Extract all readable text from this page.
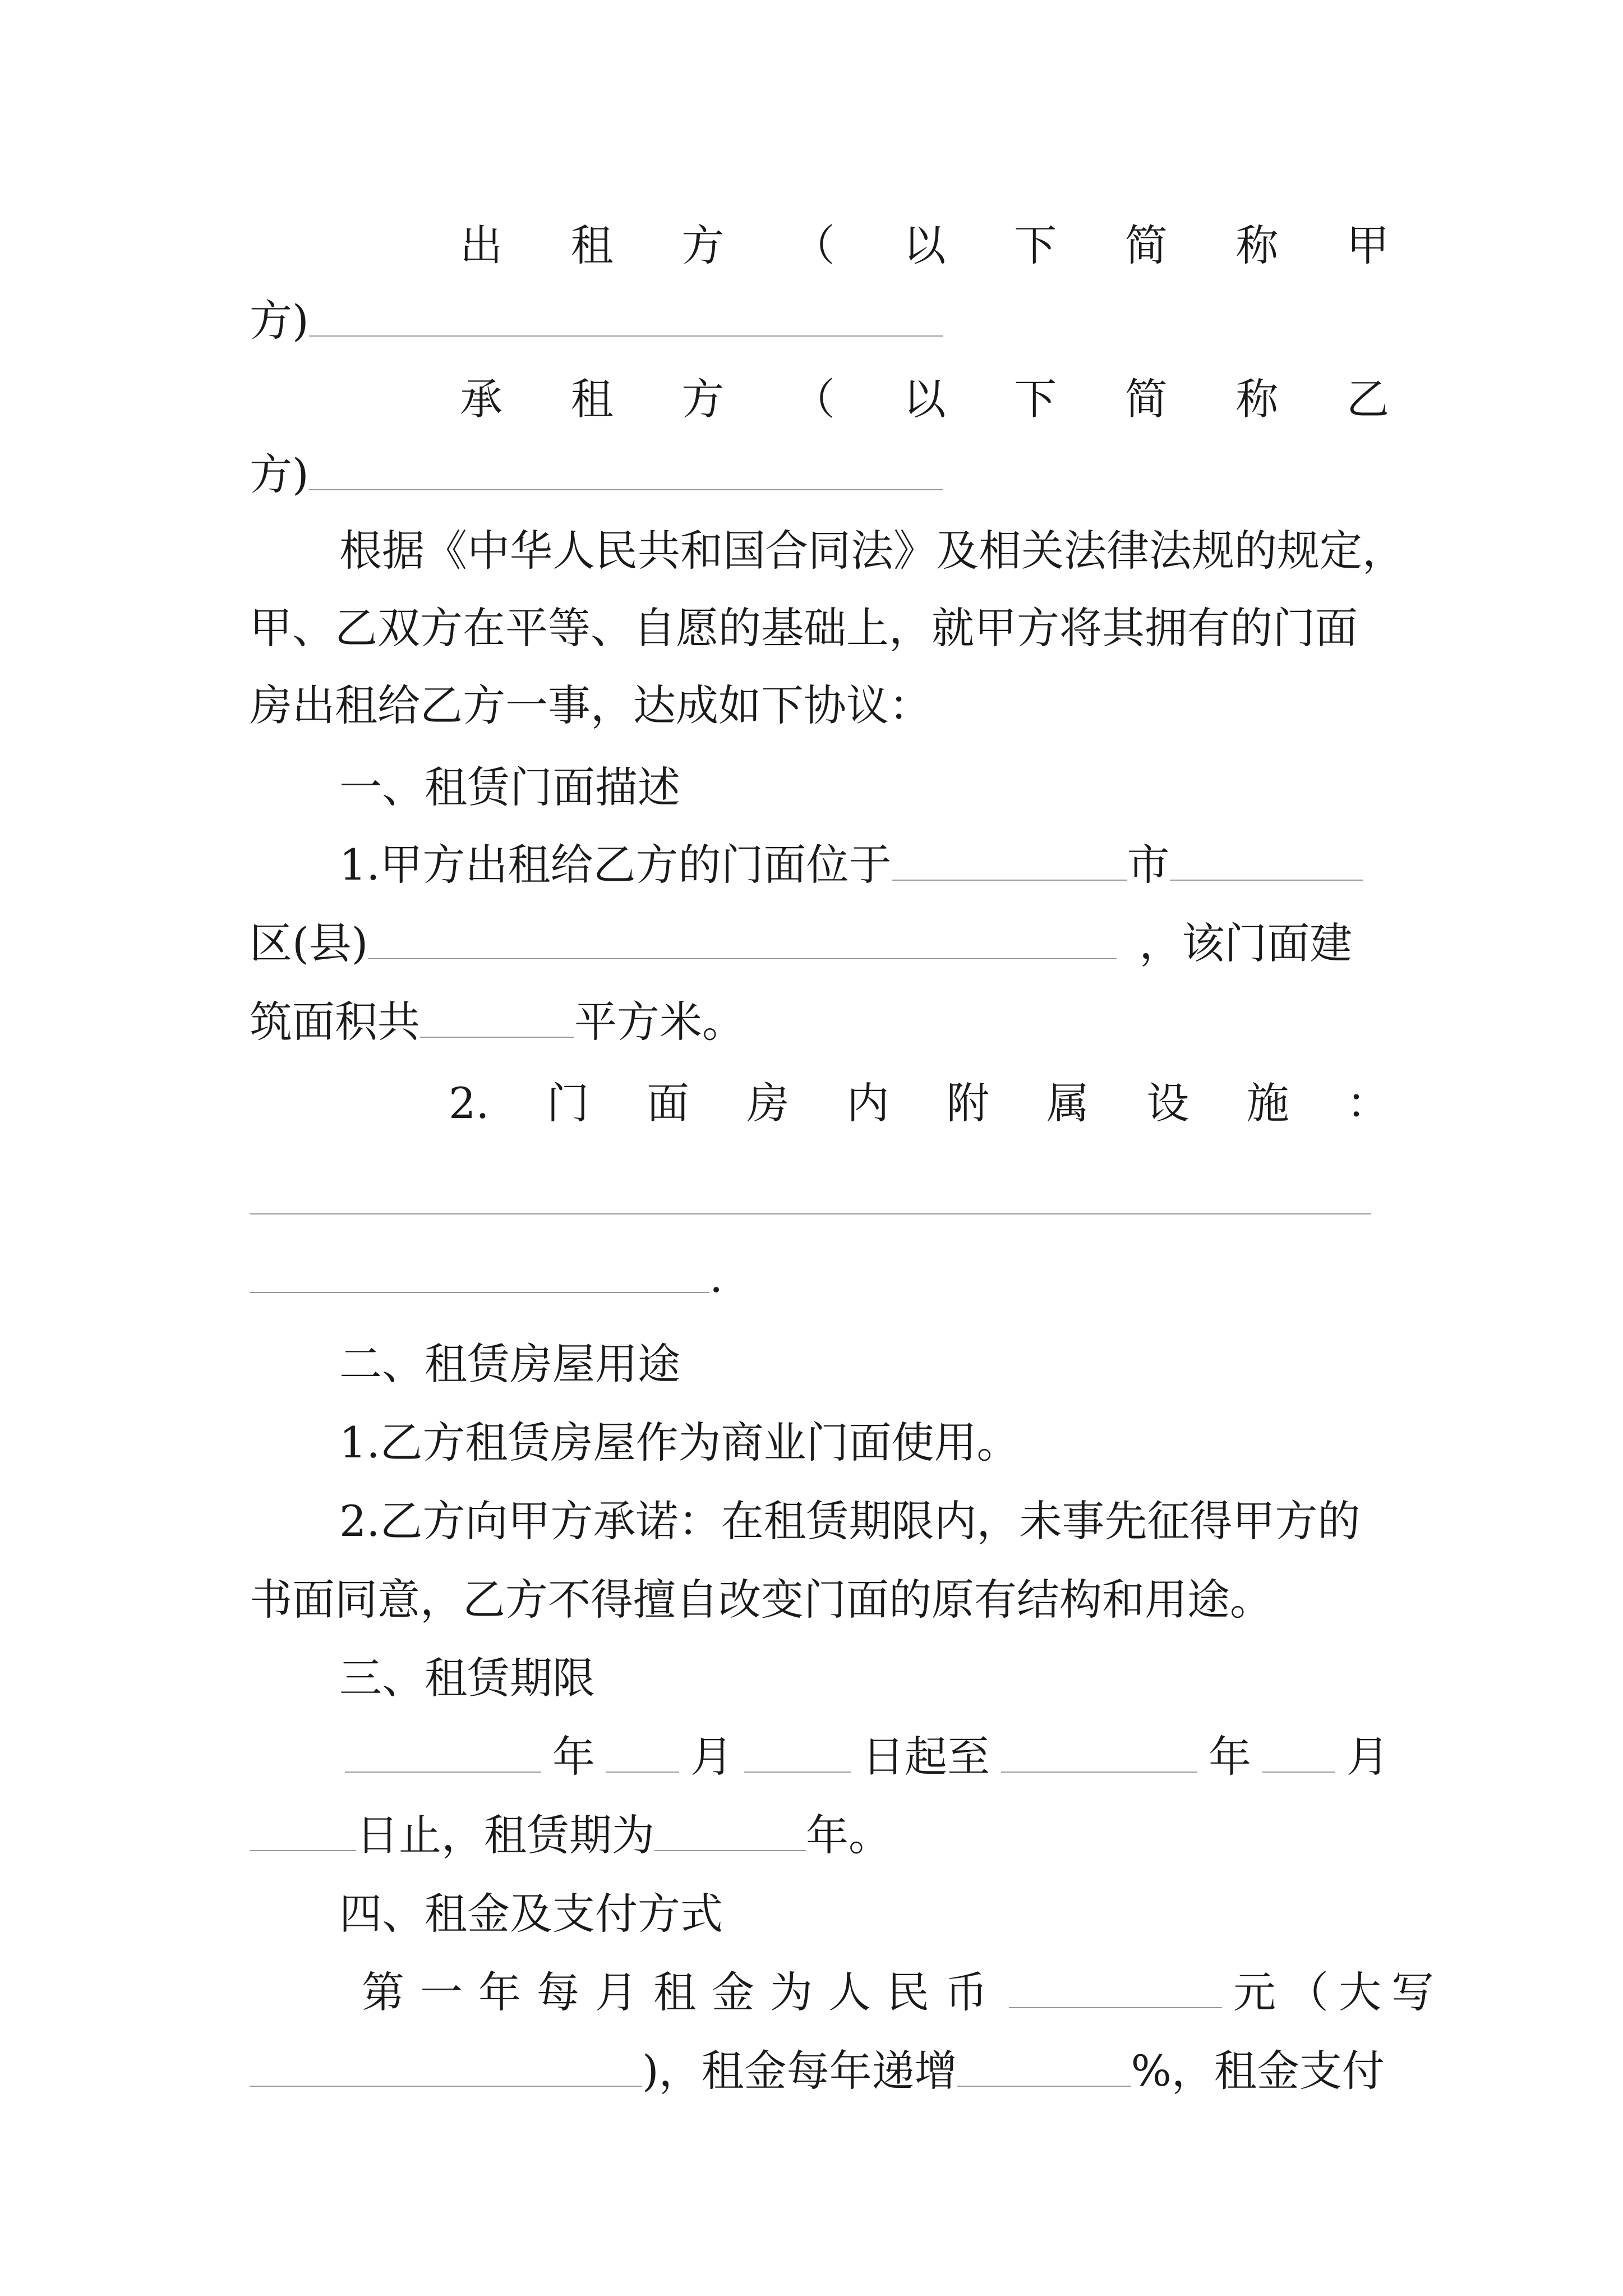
出 租 方 （ 以 下 简 称 甲
方)
承 租 方 （ 以 下 简 称 乙
方)
根据《中华人民共和国合同法》及相关法律法规的规定，
甲、乙双方在平等、自愿的基础上，就甲方将其拥有的门面
房出租给乙方一事，达成如下协议：
一、租赁门面描述
1.甲方出租给乙方的门面位于	市
区(县)	，该门面建
筑面积共	平方米。
2. 门 面 房 内 附 属 设 施 ：
.
二、租赁房屋用途
1.乙方租赁房屋作为商业门面使用。
2.乙方向甲方承诺：在租赁期限内，未事先征得甲方的
书面同意，乙方不得擅自改变门面的原有结构和用途。
三、租赁期限
年 月	日起至	年 月
日止，租赁期为	年。
四、租金及支付方式
第一年每月租金为人民币	元（大写
)，租金每年递增	%，租金支付
